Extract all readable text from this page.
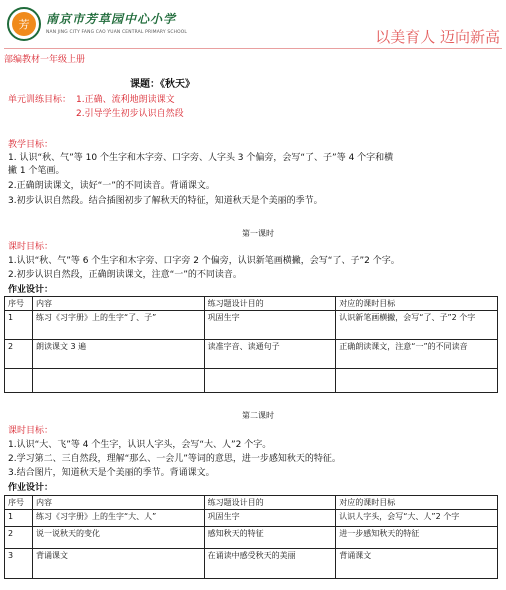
芳 南京市芳草园中心小学
NAN JING CITY FANG CAO YUAN CENTRAL PRIMARY SCHOOL	以美育人 迈向新高
部编教材一年级上册
课题：《秋天》
单元训练目标： 1.正确、流利地朗读课文
2.引导学生初步认识自然段
教学目标：
1. 认识“秋、气”等 10 个生字和木字旁、口字旁、人字头 3 个偏旁，会写“了、子”等 4 个字和横
撇 1 个笔画。
2.正确朗读课文，读好“一”的不同读音。背诵课文。
3.初步认识自然段。结合插图初步了解秋天的特征，知道秋天是个美丽的季节。
第一课时
课时目标：
1.认识“秋、气”等 6 个生字和木字旁、口字旁 2 个偏旁，认识新笔画横撇，会写“了、子”2 个字。
2.初步认识自然段，正确朗读课文，注意“一”的不同读音。
作业设计：
序号	内容	练习题设计目的	对应的课时目标
1	练习《习字册》上的生字“了、子”	巩固生字	认识新笔画横撇，会写“了、子”2 个字
2	朗读课文 3 遍	读准字音、读通句子	正确朗读课文，注意“一”的不同读音

第二课时
课时目标：
1.认识“大、飞”等 4 个生字，认识人字头，会写“大、人”2 个字。
2.学习第二、三自然段，理解“那么、一会儿”等词的意思，进一步感知秋天的特征。
3.结合图片，知道秋天是个美丽的季节。背诵课文。
作业设计：
序号	内容	练习题设计目的	对应的课时目标
1	练习《习字册》上的生字“大、人”	巩固生字	认识人字头，会写“大、人”2 个字
2	说一说秋天的变化	感知秋天的特征	进一步感知秋天的特征
3	背诵课文	在诵读中感受秋天的美丽	背诵课文
